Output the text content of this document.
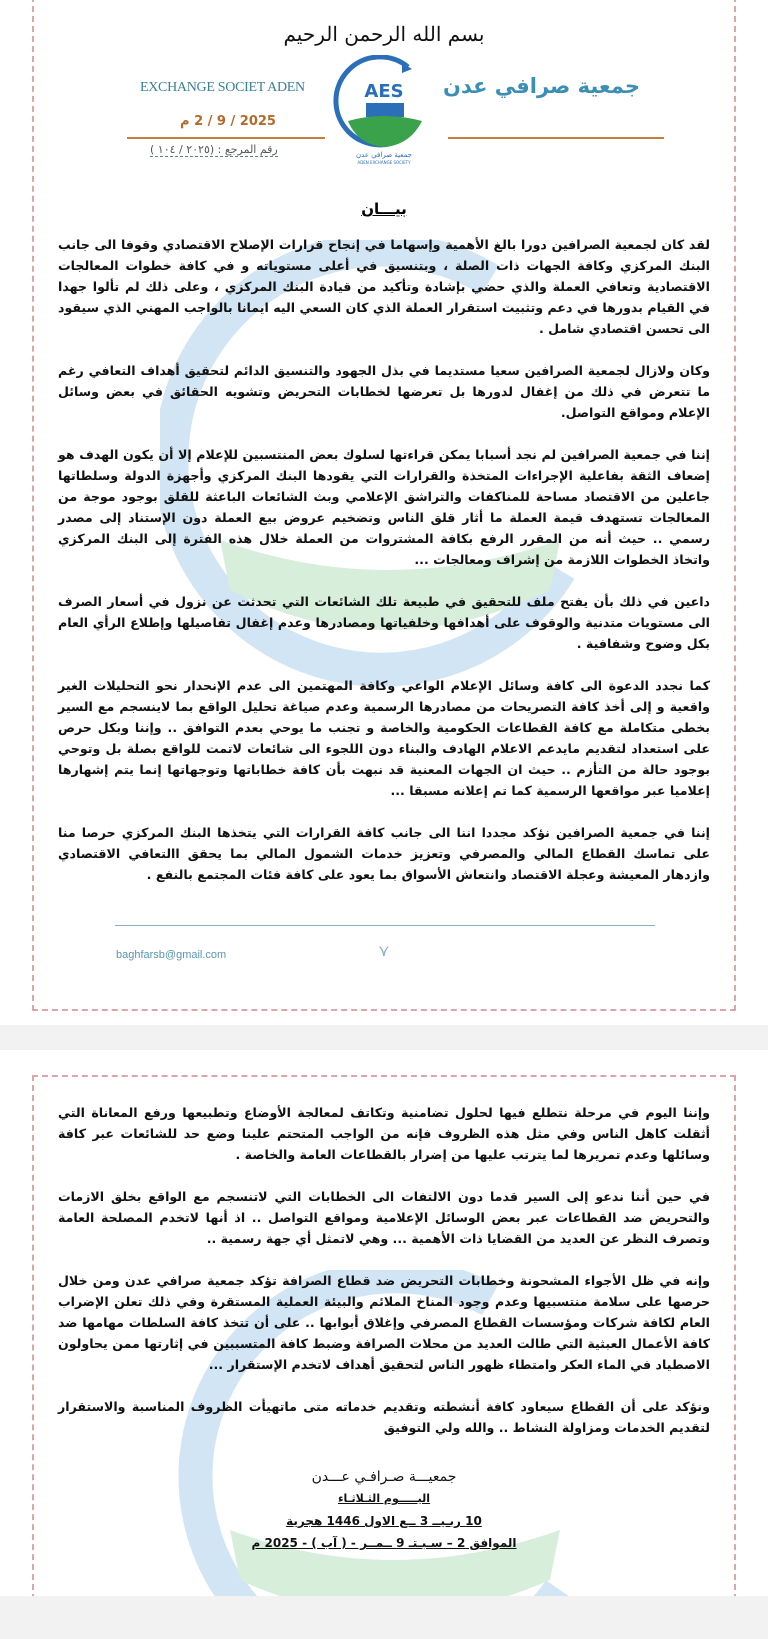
بسم الله الرحمن الرحيم
EXCHANGE SOCIET ADEN	AES
جمعية صرافي عدن
ADEN EXCHANGE SOCIETY
جمعية صرافي عدن
2025 / 9 / 2 م
رقم المرجع : (٢٠٢٥ / ١٠٤ )
بيـــان
لقد كان لجمعية الصرافين دورا بالغ الأهمية وإسهاما في إنجاح قرارات الإصلاح الاقتصادي وقوفا الى جانب البنك المركزي وكافة الجهات ذات الصلة ، وبتنسيق في أعلى مستوياته و في كافة خطوات المعالجات الاقتصادية وتعافي العملة والذي حضي بإشادة وتأكيد من قيادة البنك المركزي ، وعلى ذلك لم تألوا جهدا في القيام بدورها في دعم وتثبيت استقرار العملة الذي كان السعي اليه ايمانا بالواجب المهني الذي سيقود الى تحسن اقتصادي شامل .
وكان ولازال لجمعية الصرافين سعيا مستديما في بذل الجهود والتنسيق الدائم لتحقيق أهداف التعافي رغم ما تتعرض في ذلك من إغفال لدورها بل تعرضها لخطابات التحريض وتشويه الحقائق في بعض وسائل الإعلام ومواقع التواصل.
إننا في جمعية الصرافين لم نجد أسبابا يمكن قراءتها لسلوك بعض المنتسبين للإعلام إلا أن يكون الهدف هو إضعاف الثقة بفاعلية الإجراءات المتخذة والقرارات التي يقودها البنك المركزي وأجهزة الدولة وسلطاتها جاعلين من الاقتصاد مساحة للمناكفات والتراشق الإعلامي وبث الشائعات الباعثة للقلق بوجود موجة من المعالجات تستهدف قيمة العملة ما أثار قلق الناس وتضخيم عروض بيع العملة دون الإستناد إلى مصدر رسمي .. حيث أنه من المقرر الرفع بكافة المشتروات من العملة خلال هذه الفترة إلى البنك المركزي واتخاذ الخطوات اللازمة من إشراف ومعالجات ...
داعين في ذلك بأن يفتح ملف للتحقيق في طبيعة تلك الشائعات التي تحدثت عن نزول في أسعار الصرف الى مستويات متدنية والوقوف على أهدافها وخلفياتها ومصادرها وعدم إغفال تفاصيلها وإطلاع الرأي العام بكل وضوح وشفافية .
كما نجدد الدعوة الى كافة وسائل الإعلام الواعي وكافة المهتمين الى عدم الإنحدار نحو التحليلات الغير واقعية و إلى أخذ كافة التصريحات من مصادرها الرسمية وعدم صياغة تحليل الواقع بما لاينسجم مع السير بخطى متكاملة مع كافة القطاعات الحكومية والخاصة و تجنب ما يوحي بعدم التوافق .. وإننا وبكل حرص على استعداد لتقديم مايدعم الاعلام الهادف والبناء دون اللجوء الى شائعات لاتمت للواقع بصلة بل وتوحي بوجود حالة من التأزم .. حيث ان الجهات المعنية قد نبهت بأن كافة خطاباتها وتوجهاتها إنما يتم إشهارها إعلاميا عبر مواقعها الرسمية كما تم إعلانه مسبقا ...
إننا في جمعية الصرافين نؤكد مجددا اننا الى جانب كافة القرارات التي يتخذها البنك المركزي حرصا منا على تماسك القطاع المالي والمصرفي وتعزيز خدمات الشمول المالي بما يحقق االتعافي الاقتصادي وازدهار المعيشة وعجلة الاقتصاد وانتعاش الأسواق بما يعود على كافة فئات المجتمع بالنفع .
baghfarsb@gmail.com	⋎
وإننا اليوم في مرحلة نتطلع فيها لحلول تضامنية وتكاتف لمعالجة الأوضاع وتطبيعها ورفع المعاناة التي أثقلت كاهل الناس وفي مثل هذه الظروف فإنه من الواجب المتحتم علينا وضع حد للشائعات عبر كافة وسائلها وعدم تمريرها لما يترتب عليها من إضرار بالقطاعات العامة والخاصة .
في حين أننا ندعو إلى السير قدما دون الالتفات الى الخطابات التي لاتنسجم مع الواقع بخلق الازمات والتحريض ضد القطاعات عبر بعض الوسائل الإعلامية ومواقع التواصل .. اذ أنها لاتخدم المصلحة العامة وتصرف النظر عن العديد من القضايا ذات الأهمية ... وهي لاتمثل أي جهة رسمية ..
وإنه في ظل الأجواء المشحونة وخطابات التحريض ضد قطاع الصرافة تؤكد جمعية صرافي عدن ومن خلال حرصها على سلامة منتسبيها وعدم وجود المناخ الملائم والبيئة العملية المستقرة وفي ذلك تعلن الإضراب العام لكافة شركات ومؤسسات القطاع المصرفي وإغلاق أبوابها .. على أن تتخذ كافة السلطات مهامها ضد كافة الأعمال العبثية التي طالت العديد من محلات الصرافة وضبط كافة المتسببين في إثارتها ممن يحاولون الاصطياد في الماء العكر وامتطاء ظهور الناس لتحقيق أهداف لاتخدم الإستقرار ...
ونؤكد على أن القطاع سيعاود كافة أنشطته وتقديم خدماته متى ماتهيأت الظروف المناسبة والاستقرار لتقديم الخدمات ومزاولة النشاط .. والله ولي التوفيق
جمعيـــة صـرافـي عـــدن
اليـــــوم الثـلاثـاء
10 ربـيــ 3 ــع الاول 1446 هجرية
الموافق 2 – سـبـتـ 9 ــمــر - ( آب ) - 2025 م
